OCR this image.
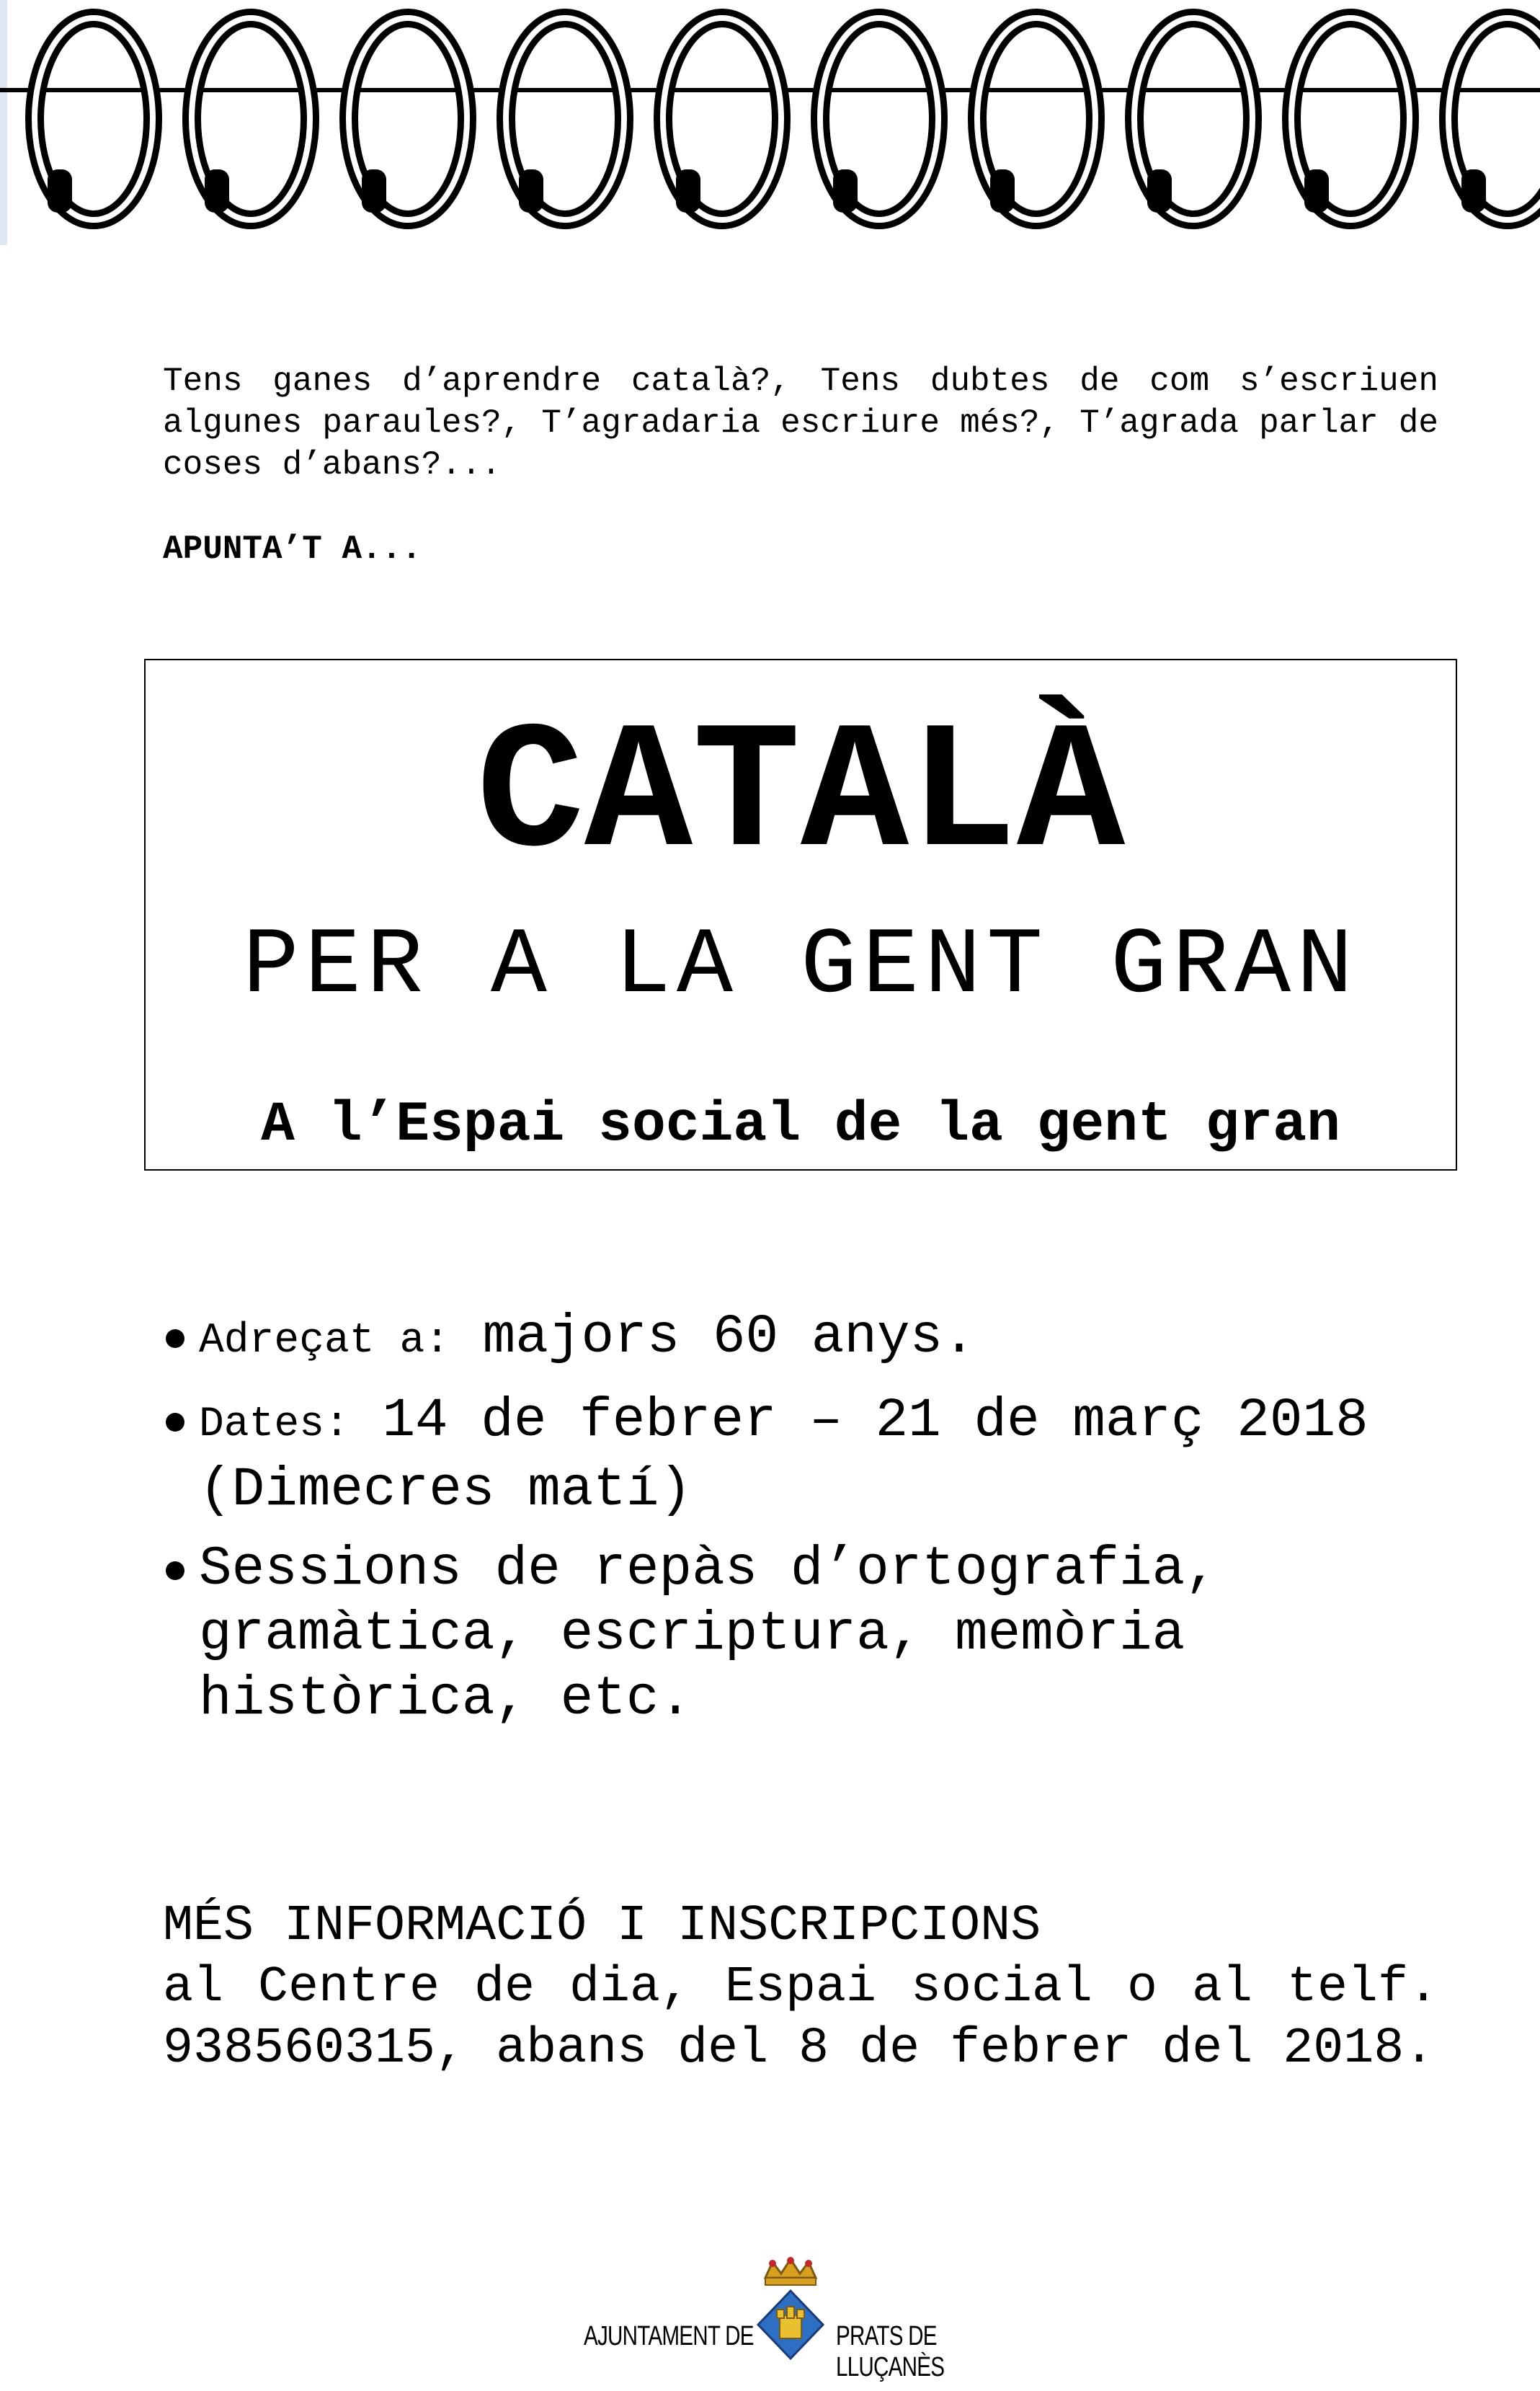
Tens ganes d’aprendre català?, Tens dubtes de com s’escriuen algunes paraules?, T’agradaria escriure més?, T’agrada parlar de coses d’abans?...
APUNTA’T A...
CATALÀ
PER A LA GENT GRAN
A l’Espai social de la gent gran
Adreçat a: majors 60 anys.
Dates: 14 de febrer – 21 de març 2018 (Dimecres matí)
Sessions de repàs d’ortografia, gramàtica, escriptura, memòria històrica, etc.
MÉS INFORMACIÓ I INSCRIPCIONS
al Centre de dia, Espai social o al telf. 938560315, abans del 8 de febrer del 2018.
AJUNTAMENT DE	PRATS DE LLUÇANÈS
